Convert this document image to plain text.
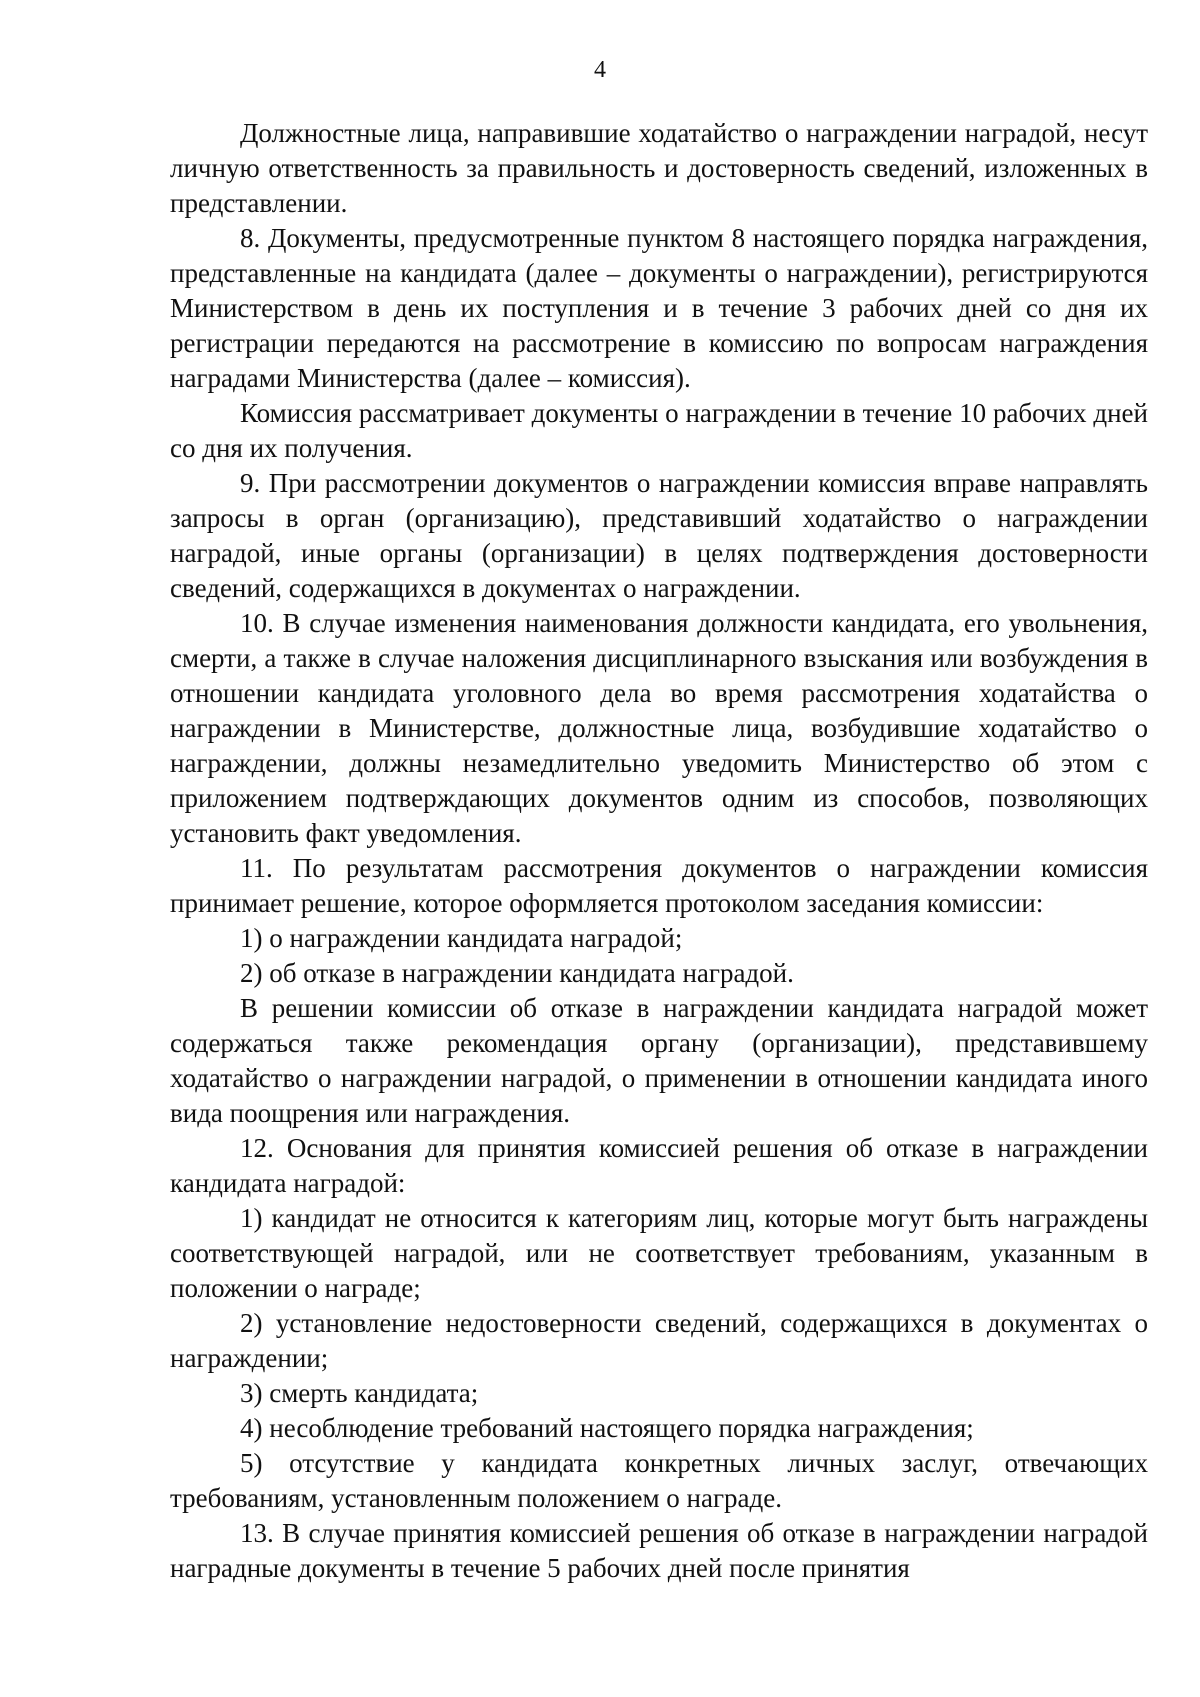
4

Должностные лица, направившие ходатайство о награждении наградой, несут личную ответственность за правильность и достоверность сведений, изложенных в представлении.

8. Документы, предусмотренные пунктом 8 настоящего порядка награждения, представленные на кандидата (далее – документы о награждении), регистрируются Министерством в день их поступления и в течение 3 рабочих дней со дня их регистрации передаются на рассмотрение в комиссию по вопросам награждения наградами Министерства (далее – комиссия).

Комиссия рассматривает документы о награждении в течение 10 рабочих дней со дня их получения.

9. При рассмотрении документов о награждении комиссия вправе направлять запросы в орган (организацию), представивший ходатайство о награждении наградой, иные органы (организации) в целях подтверждения достоверности сведений, содержащихся в документах о награждении.

10. В случае изменения наименования должности кандидата, его увольнения, смерти, а также в случае наложения дисциплинарного взыскания или возбуждения в отношении кандидата уголовного дела во время рассмотрения ходатайства о награждении в Министерстве, должностные лица, возбудившие ходатайство о награждении, должны незамедлительно уведомить Министерство об этом с приложением подтверждающих документов одним из способов, позволяющих установить факт уведомления.

11. По результатам рассмотрения документов о награждении комиссия принимает решение, которое оформляется протоколом заседания комиссии:

1) о награждении кандидата наградой;

2) об отказе в награждении кандидата наградой.

В решении комиссии об отказе в награждении кандидата наградой может содержаться также рекомендация органу (организации), представившему ходатайство о награждении наградой, о применении в отношении кандидата иного вида поощрения или награждения.

12. Основания для принятия комиссией решения об отказе в награждении кандидата наградой:

1) кандидат не относится к категориям лиц, которые могут быть награждены соответствующей наградой, или не соответствует требованиям, указанным в положении о награде;

2) установление недостоверности сведений, содержащихся в документах о награждении;

3) смерть кандидата;

4) несоблюдение требований настоящего порядка награждения;

5) отсутствие у кандидата конкретных личных заслуг, отвечающих требованиям, установленным положением о награде.

13. В случае принятия комиссией решения об отказе в награждении наградой наградные документы в течение 5 рабочих дней после принятия
